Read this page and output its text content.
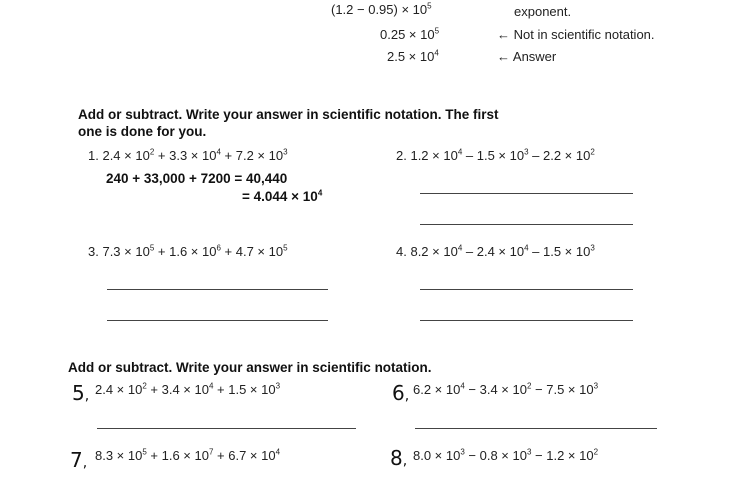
$(1.2 - 0.95) \times 10^5$	exponent.
$0.25 \times 10^5$	← Not in scientific notation.
$2.5 \times 10^4$	← Answer
Add or subtract. Write your answer in scientific notation. The first
one is done for you.
1. $2.4 \times 10^2 + 3.3 \times 10^4 + 7.2 \times 10^3$
240 + 33,000 + 7200 = 40,440
= $4.044 \times 10^4$
2. $1.2 \times 10^4 - 1.5 \times 10^3 - 2.2 \times 10^2$
3. $7.3 \times 10^5 + 1.6 \times 10^6 + 4.7 \times 10^5$	4. $8.2 \times 10^4 - 2.4 \times 10^4 - 1.5 \times 10^3$
Add or subtract. Write your answer in scientific notation.
5, $2.4 \times 10^2 + 3.4 \times 10^4 + 1.5 \times 10^3$	6, $6.2 \times 10^4 - 3.4 \times 10^2 - 7.5 \times 10^3$
7, $8.3 \times 10^5 + 1.6 \times 10^7 + 6.7 \times 10^4$	8, $8.0 \times 10^3 - 0.8 \times 10^3 - 1.2 \times 10^2$
